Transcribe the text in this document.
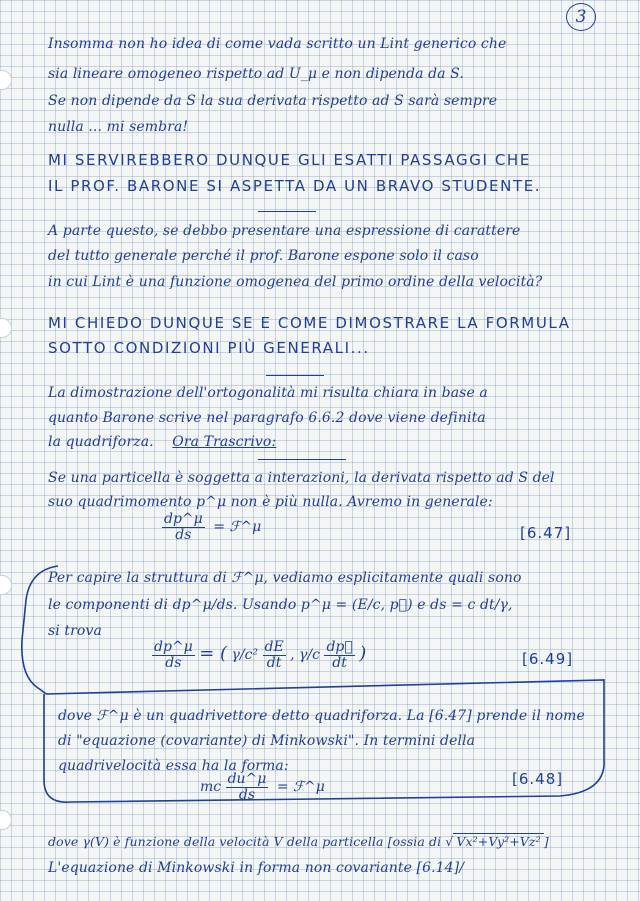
3
Insomma non ho idea di come vada scritto un Lint generico che
sia lineare omogeneo rispetto ad U_μ e non dipenda da S.
Se non dipende da S la sua derivata rispetto ad S sarà sempre
nulla ... mi sembra!
MI SERVIREBBERO DUNQUE GLI ESATTI PASSAGGI CHE
IL PROF. BARONE SI ASPETTA DA UN BRAVO STUDENTE.
A parte questo, se debbo presentare una espressione di carattere
del tutto generale perché il prof. Barone espone solo il caso
in cui Lint è una funzione omogenea del primo ordine della velocità?
MI CHIEDO DUNQUE SE E COME DIMOSTRARE LA FORMULA
SOTTO CONDIZIONI PIÙ GENERALI...
La dimostrazione dell'ortogonalità mi risulta chiara in base a
quanto Barone scrive nel paragrafo 6.6.2 dove viene definita
la quadriforza. Ora Trascrivo:
Se una particella è soggetta a interazioni, la derivata rispetto ad S del
suo quadrimomento p^μ non è più nulla. Avremo in generale:
$\frac{dp\^{}\mu}{ds}$ = ℱ^μ	[6.47]
Per capire la struttura di ℱ^μ, vediamo esplicitamente quali sono
le componenti di dp^μ/ds. Usando p^μ = (E/c, p⃗) e ds = c dt/γ,
si trova
$\frac{dp\^{}\mu}{ds}$ = ( $\gamma/c^2 \frac{dE}{dt}$ , $\gamma/c \frac{dp⃗}{dt}$ )	[6.49]
dove ℱ^μ è un quadrivettore detto quadriforza. La [6.47] prende il nome
di "equazione (covariante) di Minkowski". In termini della
quadrivelocità essa ha la forma:
mc $\frac{du\^{}\mu}{ds}$ = ℱ^μ	[6.48]
dove γ(V) è funzione della velocità V della particella [ossia di √ Vx²+Vy²+Vz² ]
L'equazione di Minkowski in forma non covariante [6.14]/
